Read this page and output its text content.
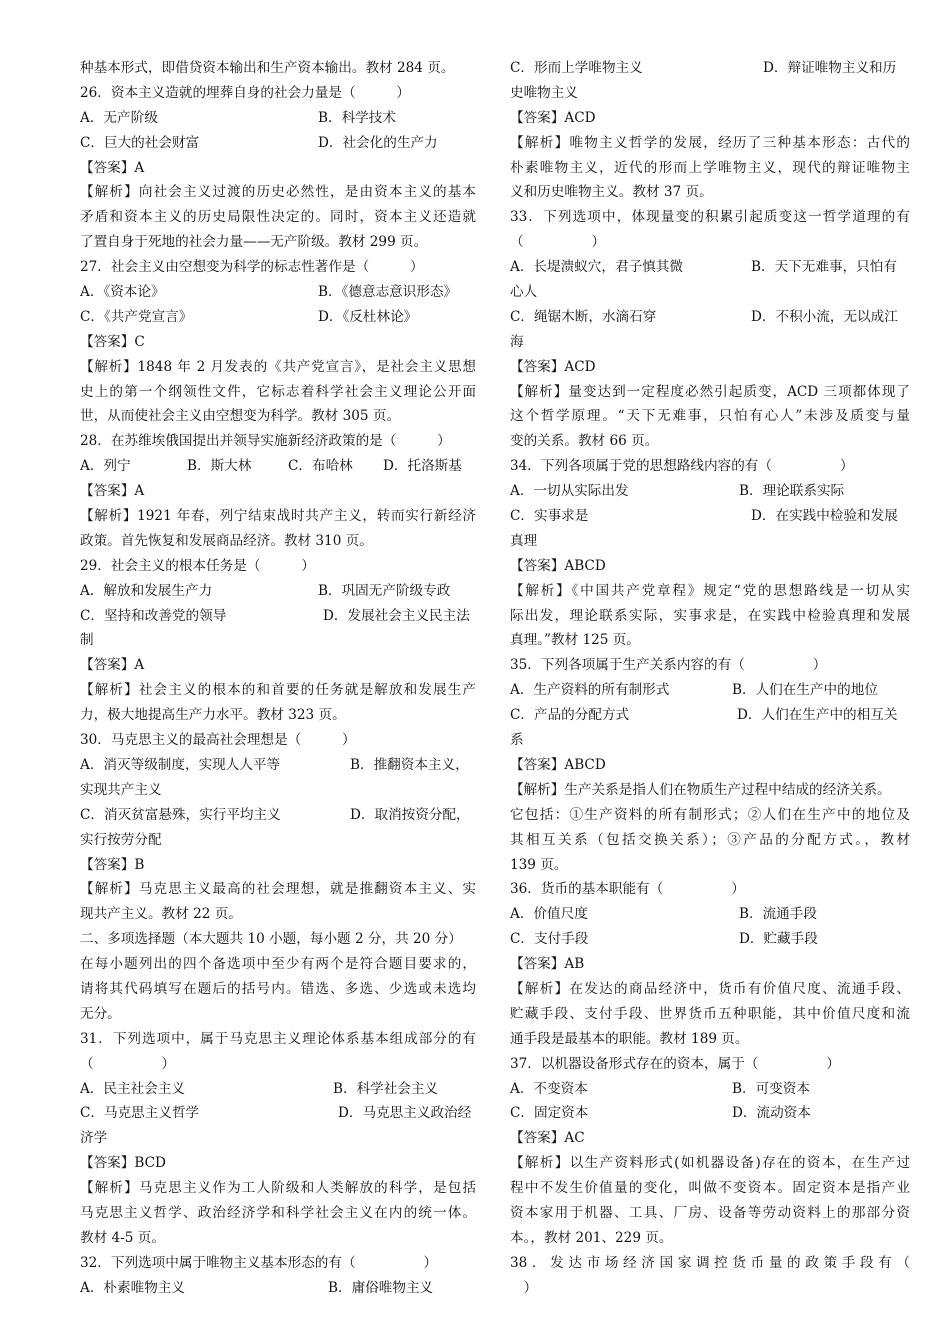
种基本形式，即借贷资本输出和生产资本输出。教材 284 页。
26．资本主义造就的埋葬自身的社会力量是（　　　）
A．无产阶级	B．科学技术
C．巨大的社会财富	D．社会化的生产力
【答案】A
【解析】向社会主义过渡的历史必然性，是由资本主义的基本
矛盾和资本主义的历史局限性决定的。同时，资本主义还造就
了置自身于死地的社会力量——无产阶级。教材 299 页。
27．社会主义由空想变为科学的标志性著作是（　　　）
A．《资本论》	B．《德意志意识形态》
C．《共产党宣言》	D．《反杜林论》
【答案】C
【解析】1848 年 2 月发表的《共产党宣言》，是社会主义思想
史上的第一个纲领性文件，它标志着科学社会主义理论公开面
世，从而使社会主义由空想变为科学。教材 305 页。
28．在苏维埃俄国提出并领导实施新经济政策的是（　　　）
A．列宁	B．斯大林	C．布哈林 D．托洛斯基
【答案】A
【解析】1921 年春，列宁结束战时共产主义，转而实行新经济
政策。首先恢复和发展商品经济。教材 310 页。
29．社会主义的根本任务是（　　　）
A．解放和发展生产力	B．巩固无产阶级专政
C．坚持和改善党的领导	D．发展社会主义民主法
制
【答案】A
【解析】社会主义的根本的和首要的任务就是解放和发展生产
力，极大地提高生产力水平。教材 323 页。
30．马克思主义的最高社会理想是（　　　）
A．消灭等级制度，实现人人平等	B．推翻资本主义，
实现共产主义
C．消灭贫富悬殊，实行平均主义	D．取消按资分配，
实行按劳分配
【答案】B
【解析】马克思主义最高的社会理想，就是推翻资本主义、实
现共产主义。教材 22 页。
二、多项选择题（本大题共 10 小题，每小题 2 分，共 20 分）
在每小题列出的四个备选项中至少有两个是符合题目要求的，
请将其代码填写在题后的括号内。错选、多选、少选或未选均
无分。
31．下列选项中，属于马克思主义理论体系基本组成部分的有
（　　　　　）
A．民主社会主义	B．科学社会主义
C．马克思主义哲学	D．马克思主义政治经
济学
【答案】BCD
【解析】马克思主义作为工人阶级和人类解放的科学，是包括
马克思主义哲学、政治经济学和科学社会主义在内的统一体。
教材 4-5 页。
32．下列选项中属于唯物主义基本形态的有（　　　　　）
A．朴素唯物主义	B．庸俗唯物主义
C．形而上学唯物主义	D．辩证唯物主义和历
史唯物主义
【答案】ACD
【解析】唯物主义哲学的发展，经历了三种基本形态：古代的
朴素唯物主义，近代的形而上学唯物主义，现代的辩证唯物主
义和历史唯物主义。教材 37 页。
33．下列选项中，体现量变的积累引起质变这一哲学道理的有
（　　　　　）
A．长堤溃蚁穴，君子慎其微	B．天下无难事，只怕有
心人
C．绳锯木断，水滴石穿	D．不积小流，无以成江
海
【答案】ACD
【解析】量变达到一定程度必然引起质变，ACD 三项都体现了
这个哲学原理。“天下无难事，只怕有心人”未涉及质变与量
变的关系。教材 66 页。
34．下列各项属于党的思想路线内容的有（　　　　　）
A．一切从实际出发	B．理论联系实际
C．实事求是	D．在实践中检验和发展
真理
【答案】ABCD
【解析】《中国共产党章程》规定“党的思想路线是一切从实
际出发，理论联系实际，实事求是，在实践中检验真理和发展
真理。”教材 125 页。
35．下列各项属于生产关系内容的有（　　　　　）
A．生产资料的所有制形式	B．人们在生产中的地位
C．产品的分配方式	D．人们在生产中的相互关
系
【答案】ABCD
【解析】生产关系是指人们在物质生产过程中结成的经济关系。
它包括：①生产资料的所有制形式；②人们在生产中的地位及
其相互关系（包括交换关系）；③产品的分配方式。，教材
139 页。
36．货币的基本职能有（　　　　　）
A．价值尺度	B．流通手段
C．支付手段	D．贮藏手段
【答案】AB
【解析】在发达的商品经济中，货币有价值尺度、流通手段、
贮藏手段、支付手段、世界货币五种职能，其中价值尺度和流
通手段是最基本的职能。教材 189 页。
37．以机器设备形式存在的资本，属于（　　　　　）
A．不变资本	B．可变资本
C．固定资本	D．流动资本
【答案】AC
【解析】以生产资料形式(如机器设备)存在的资本，在生产过
程中不发生价值量的变化，叫做不变资本。固定资本是指产业
资本家用于机器、工具、厂房、设备等劳动资料上的那部分资
本。，教材 201、229 页。
38．发达市场经济国家调控货币量的政策手段有（
　）
